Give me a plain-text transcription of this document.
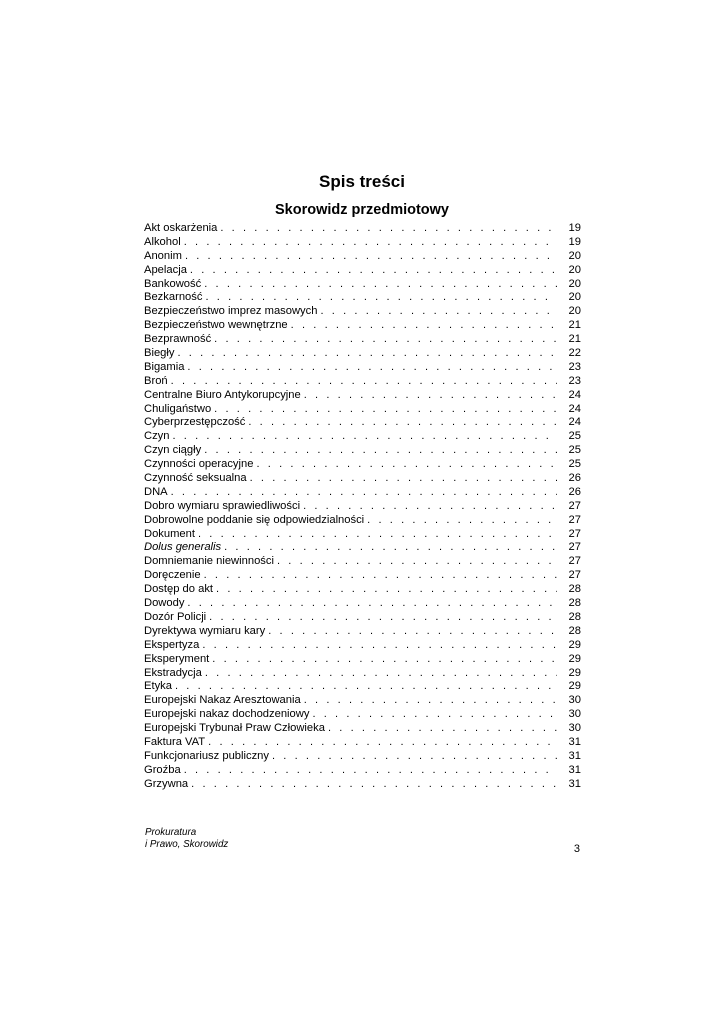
Spis treści
Skorowidz przedmiotowy
Akt oskarżenia . . .	19
Alkohol . . .	19
Anonim . . .	20
Apelacja . . .	20
Bankowość . . .	20
Bezkarność . . .	20
Bezpieczeństwo imprez masowych . . .	20
Bezpieczeństwo wewnętrzne . . .	21
Bezprawność . . .	21
Biegły . . .	22
Bigamia . . .	23
Broń . . .	23
Centralne Biuro Antykorupcyjne . . .	24
Chuligaństwo . . .	24
Cyberprzestępczość . . .	24
Czyn . . .	25
Czyn ciągły . . .	25
Czynności operacyjne . . .	25
Czynność seksualna . . .	26
DNA . . .	26
Dobro wymiaru sprawiedliwości . . .	27
Dobrowolne poddanie się odpowiedzialności . . .	27
Dokument . . .	27
Dolus generalis . . .	27
Domniemanie niewinności . . .	27
Doręczenie . . .	27
Dostęp do akt . . .	28
Dowody . . .	28
Dozór Policji . . .	28
Dyrektywa wymiaru kary . . .	28
Ekspertyza . . .	29
Eksperyment . . .	29
Ekstradycja . . .	29
Etyka . . .	29
Europejski Nakaz Aresztowania . . .	30
Europejski nakaz dochodzeniowy . . .	30
Europejski Trybunał Praw Człowieka . . .	30
Faktura VAT . . .	31
Funkcjonariusz publiczny . . .	31
Groźba . . .	31
Grzywna . . .	31
Prokuratura
i Prawo, Skorowidz	3
